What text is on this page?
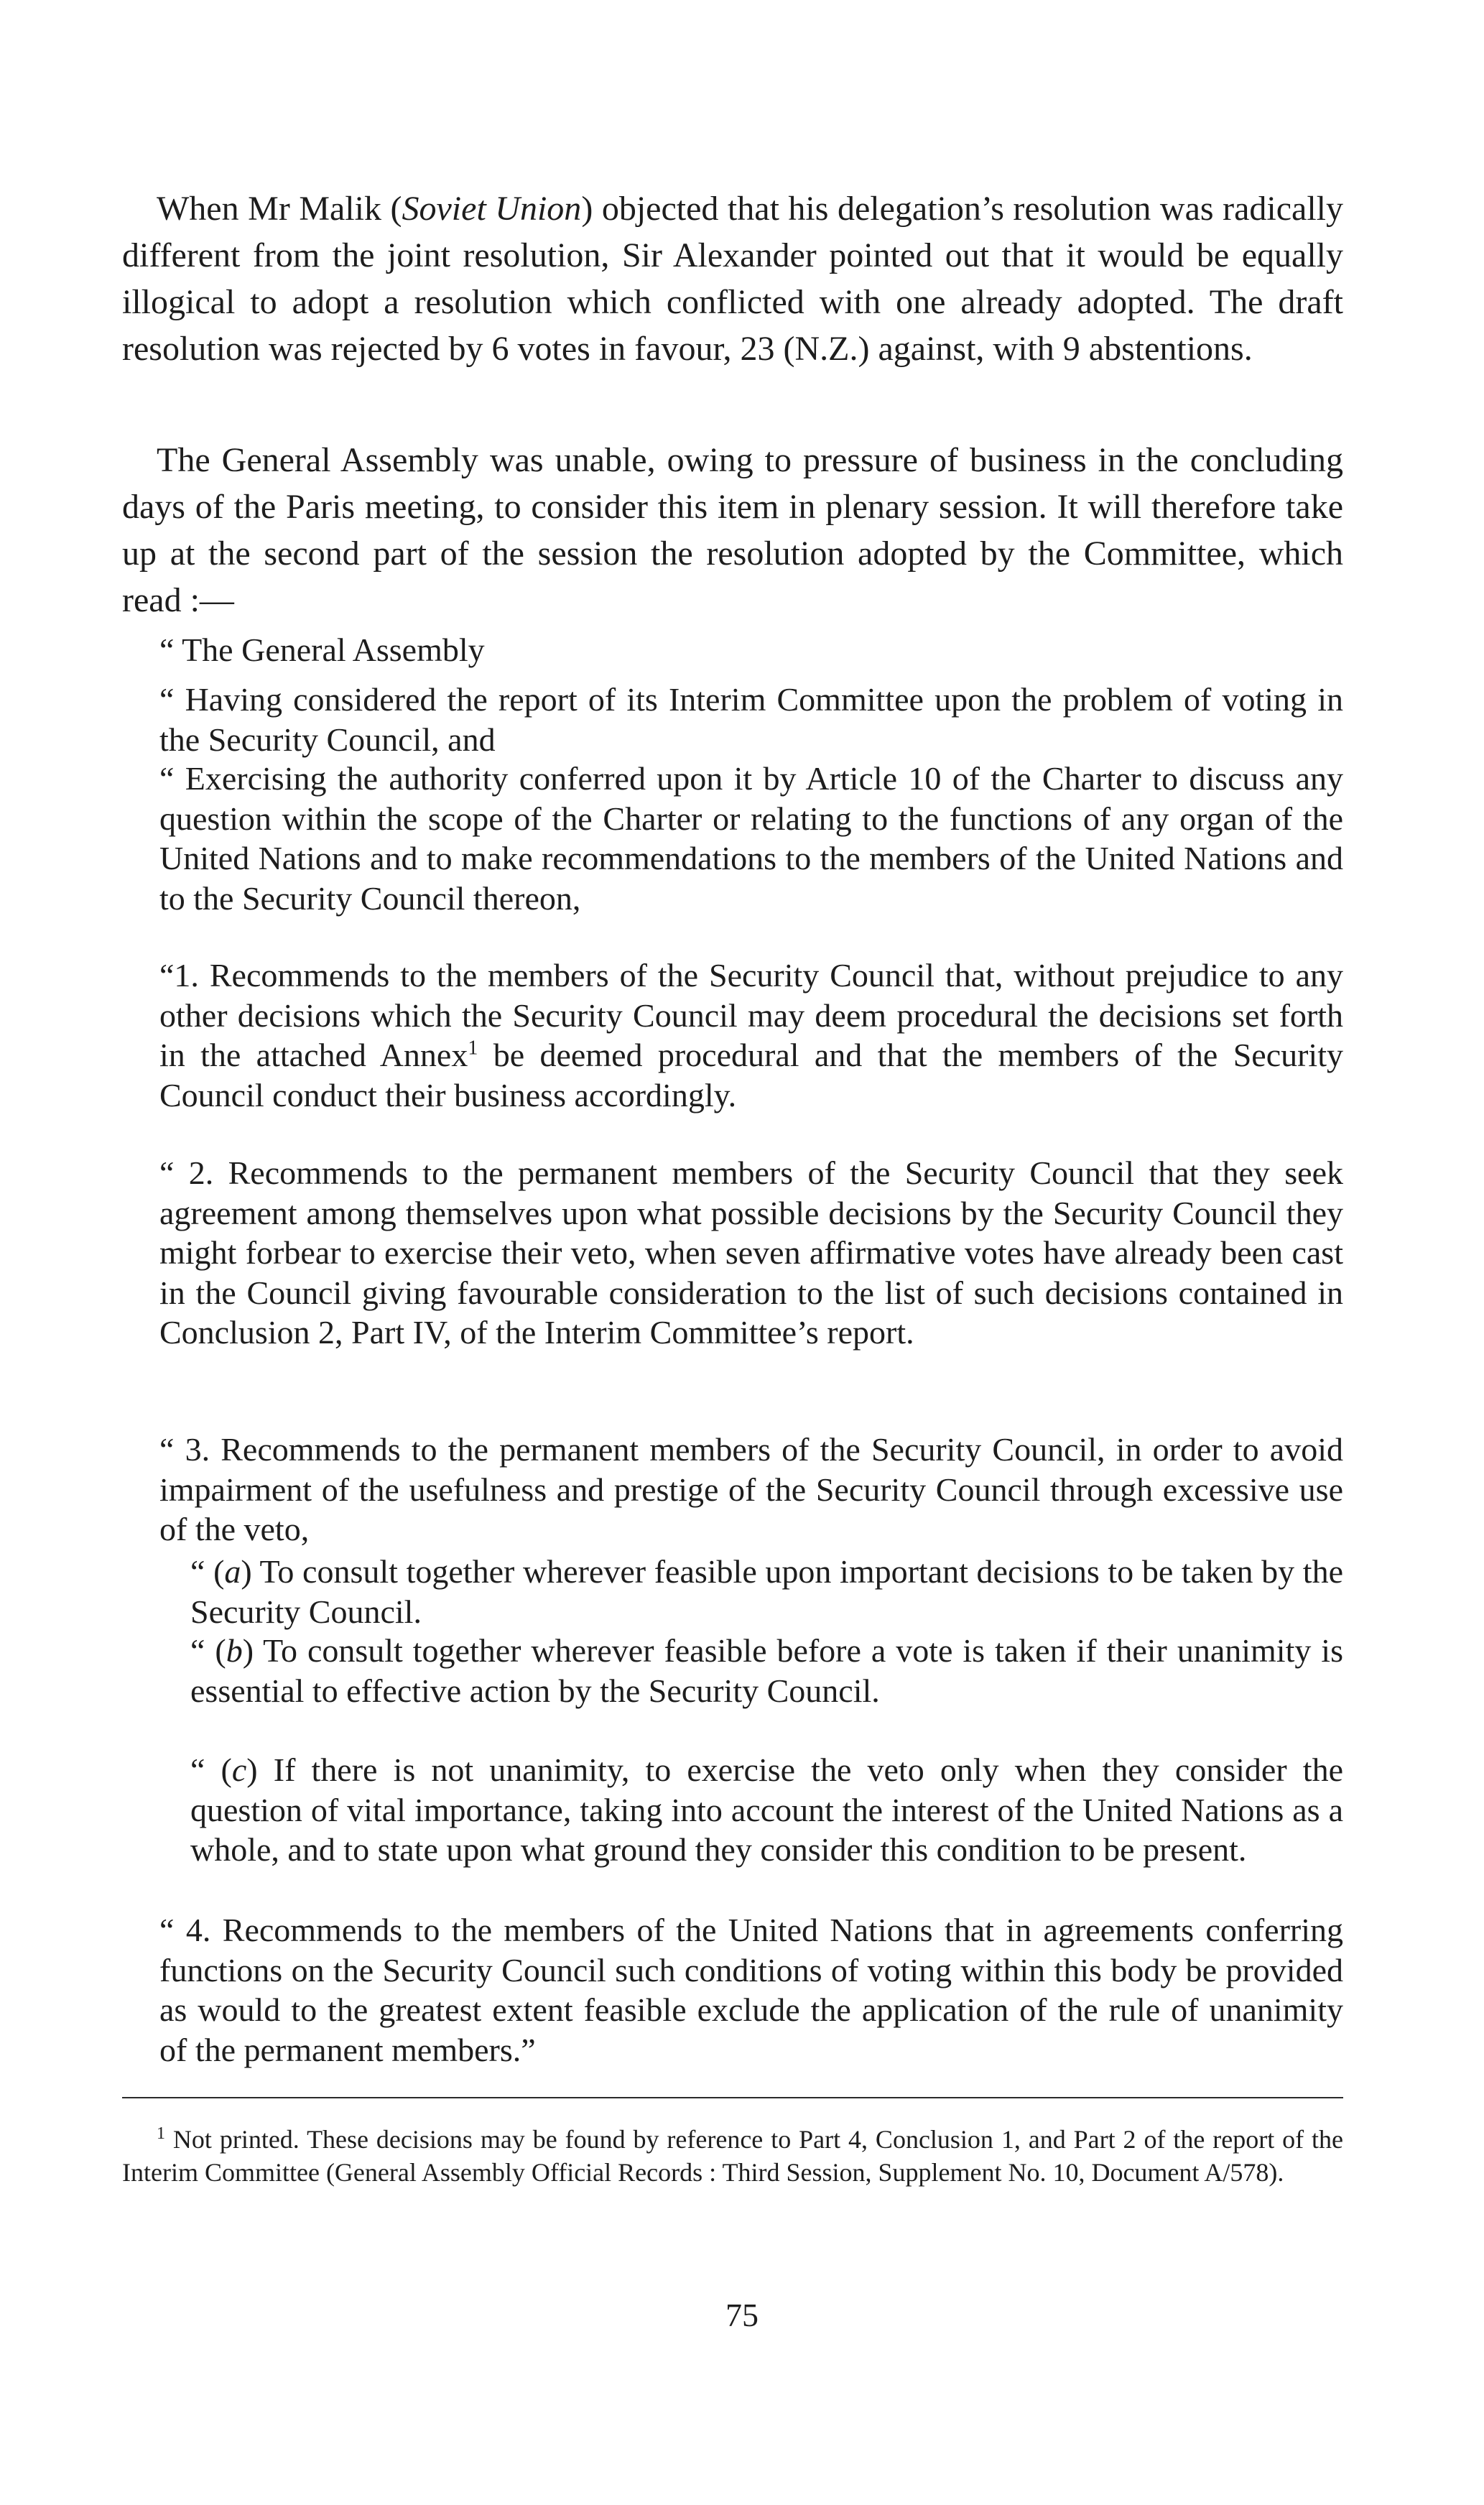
When Mr Malik (Soviet Union) objected that his delegation’s resolution was radically different from the joint resolution, Sir Alexander pointed out that it would be equally illogical to adopt a resolution which conflicted with one already adopted. The draft resolution was rejected by 6 votes in favour, 23 (N.Z.) against, with 9 abstentions.

The General Assembly was unable, owing to pressure of business in the concluding days of the Paris meeting, to consider this item in plenary session. It will therefore take up at the second part of the session the resolution adopted by the Committee, which read :—

“ The General Assembly

“ Having considered the report of its Interim Committee upon the problem of voting in the Security Council, and

“ Exercising the authority conferred upon it by Article 10 of the Charter to discuss any question within the scope of the Charter or relating to the functions of any organ of the United Nations and to make recommendations to the members of the United Nations and to the Security Council thereon,

“1. Recommends to the members of the Security Council that, without prejudice to any other decisions which the Security Council may deem procedural the decisions set forth in the attached Annex$^1$ be deemed procedural and that the members of the Security Council conduct their business accordingly.

“ 2. Recommends to the permanent members of the Security Council that they seek agreement among themselves upon what possible decisions by the Security Council they might forbear to exercise their veto, when seven affirmative votes have already been cast in the Council giving favourable consideration to the list of such decisions contained in Conclusion 2, Part IV, of the Interim Committee’s report.

“ 3. Recommends to the permanent members of the Security Council, in order to avoid impairment of the usefulness and prestige of the Security Council through excessive use of the veto,

“ (a) To consult together wherever feasible upon important decisions to be taken by the Security Council.

“ (b) To consult together wherever feasible before a vote is taken if their unanimity is essential to effective action by the Security Council.

“ (c) If there is not unanimity, to exercise the veto only when they consider the question of vital importance, taking into account the interest of the United Nations as a whole, and to state upon what ground they consider this condition to be present.

“ 4. Recommends to the members of the United Nations that in agreements conferring functions on the Security Council such conditions of voting within this body be provided as would to the greatest extent feasible exclude the application of the rule of unanimity of the permanent members.”

$^1$ Not printed. These decisions may be found by reference to Part 4, Conclusion 1, and Part 2 of the report of the Interim Committee (General Assembly Official Records : Third Session, Supplement No. 10, Document A/578).

75
